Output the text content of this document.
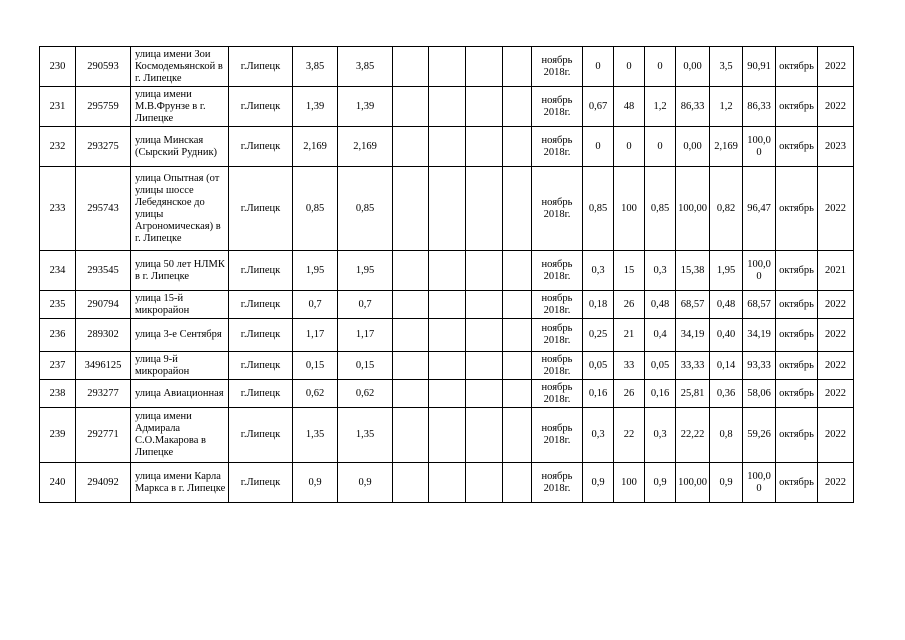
230	290593	улица имени Зои Космодемьянской в г. Липецке	г.Липецк	3,85	3,85					ноябрь 2018г.	0	0	0	0,00	3,5	90,91	октябрь	2022
231	295759	улица имени М.В.Фрунзе в г. Липецке	г.Липецк	1,39	1,39					ноябрь 2018г.	0,67	48	1,2	86,33	1,2	86,33	октябрь	2022
232	293275	улица Минская (Сырский Рудник)	г.Липецк	2,169	2,169					ноябрь 2018г.	0	0	0	0,00	2,169	100,00	октябрь	2023
233	295743	улица Опытная (от улицы шоссе Лебедянское до улицы Агрономическая) в г. Липецке	г.Липецк	0,85	0,85					ноябрь 2018г.	0,85	100	0,85	100,00	0,82	96,47	октябрь	2022
234	293545	улица 50 лет НЛМК в г. Липецке	г.Липецк	1,95	1,95					ноябрь 2018г.	0,3	15	0,3	15,38	1,95	100,00	октябрь	2021
235	290794	улица 15-й микрорайон	г.Липецк	0,7	0,7					ноябрь 2018г.	0,18	26	0,48	68,57	0,48	68,57	октябрь	2022
236	289302	улица 3-е Сентября	г.Липецк	1,17	1,17					ноябрь 2018г.	0,25	21	0,4	34,19	0,40	34,19	октябрь	2022
237	3496125	улица 9-й микрорайон	г.Липецк	0,15	0,15					ноябрь 2018г.	0,05	33	0,05	33,33	0,14	93,33	октябрь	2022
238	293277	улица Авиационная	г.Липецк	0,62	0,62					ноябрь 2018г.	0,16	26	0,16	25,81	0,36	58,06	октябрь	2022
239	292771	улица имени Адмирала С.О.Макарова в Липецке	г.Липецк	1,35	1,35					ноябрь 2018г.	0,3	22	0,3	22,22	0,8	59,26	октябрь	2022
240	294092	улица имени Карла Маркса в г. Липецке	г.Липецк	0,9	0,9					ноябрь 2018г.	0,9	100	0,9	100,00	0,9	100,00	октябрь	2022
